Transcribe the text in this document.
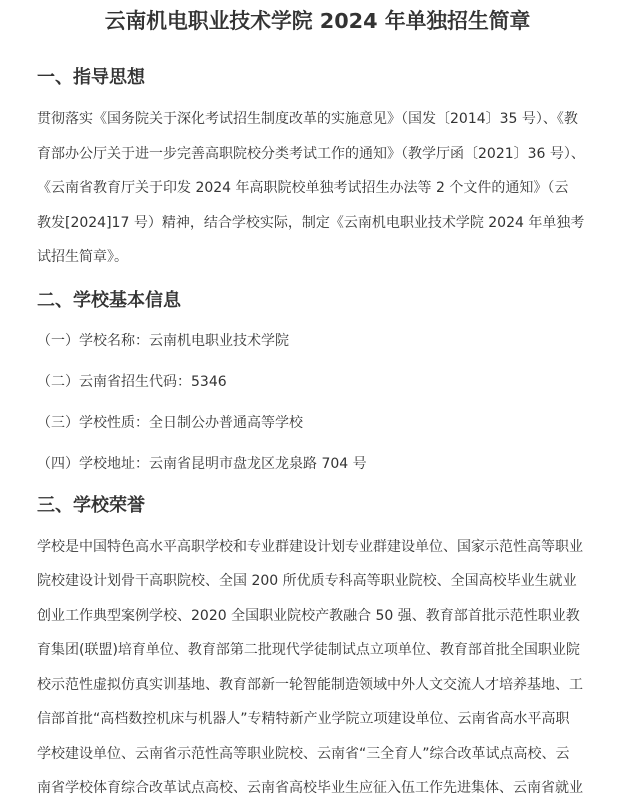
云南机电职业技术学院 2024 年单独招生简章
一、指导思想

贯彻落实《国务院关于深化考试招生制度改革的实施意见》（国发〔2014〕35 号）、《教

育部办公厅关于进一步完善高职院校分类考试工作的通知》（教学厅函〔2021〕36 号）、

《云南省教育厅关于印发 2024 年高职院校单独考试招生办法等 2 个文件的通知》（云

教发[2024]17 号）精神，结合学校实际，制定《云南机电职业技术学院 2024 年单独考

试招生简章》。

二、学校基本信息

（一）学校名称：云南机电职业技术学院

（二）云南省招生代码：5346

（三）学校性质：全日制公办普通高等学校

（四）学校地址：云南省昆明市盘龙区龙泉路 704 号

三、学校荣誉

学校是中国特色高水平高职学校和专业群建设计划专业群建设单位、国家示范性高等职业

院校建设计划骨干高职院校、全国 200 所优质专科高等职业院校、全国高校毕业生就业

创业工作典型案例学校、2020 全国职业院校产教融合 50 强、教育部首批示范性职业教

育集团(联盟)培育单位、教育部第二批现代学徒制试点立项单位、教育部首批全国职业院

校示范性虚拟仿真实训基地、教育部新一轮智能制造领域中外人文交流人才培养基地、工

信部首批“高档数控机床与机器人”专精特新产业学院立项建设单位、云南省高水平高职

学校建设单位、云南省示范性高等职业院校、云南省“三全育人”综合改革试点高校、云

南省学校体育综合改革试点高校、云南省高校毕业生应征入伍工作先进集体、云南省就业
